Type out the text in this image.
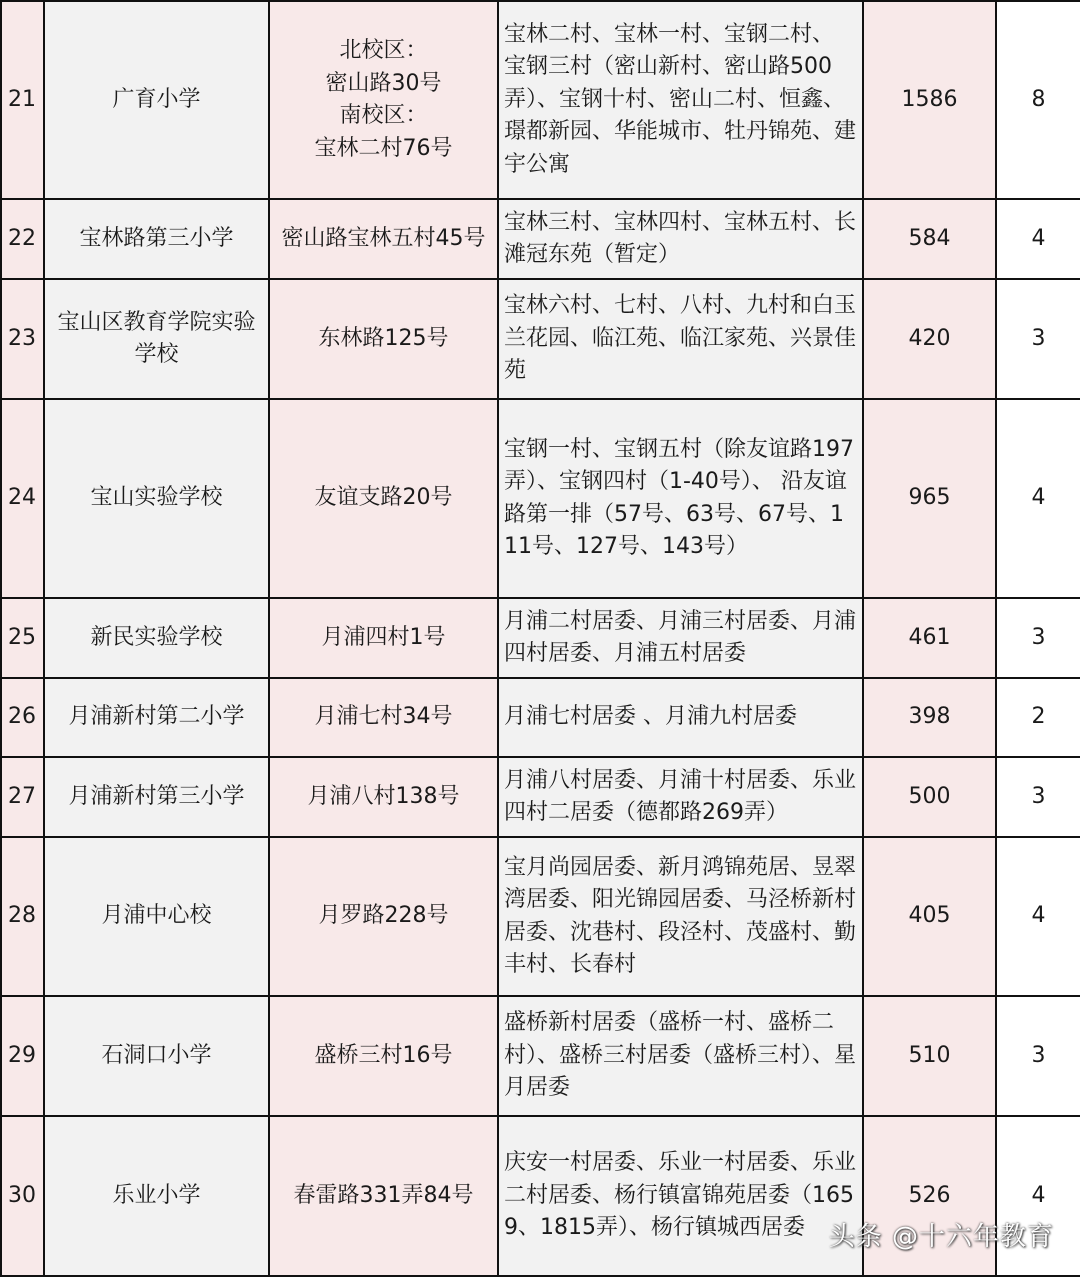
21	广育小学	北校区：
密山路30号
南校区：
宝林二村76号	宝林二村、宝林一村、宝钢二村、 宝钢三村（密山新村、密山路500弄）、宝钢十村、密山二村、恒鑫、璟都新园、华能城市、牡丹锦苑、建宇公寓	1586	8
22	宝林路第三小学	密山路宝林五村45号	宝林三村、宝林四村、宝林五村、长滩冠东苑（暂定）	584	4
23	宝山区教育学院实验学校	东林路125号	宝林六村、七村、八村、九村和白玉兰花园、临江苑、临江家苑、兴景佳苑	420	3
24	宝山实验学校	友谊支路20号	宝钢一村、宝钢五村（除友谊路197弄）、宝钢四村（1-40号）、 沿友谊路第一排（57号、63号、67号、111号、127号、143号）	965	4
25	新民实验学校	月浦四村1号	月浦二村居委、月浦三村居委、月浦四村居委、月浦五村居委	461	3
26	月浦新村第二小学	月浦七村34号	月浦七村居委 、月浦九村居委	398	2
27	月浦新村第三小学	月浦八村138号	月浦八村居委、月浦十村居委、乐业四村二居委（德都路269弄）	500	3
28	月浦中心校	月罗路228号	宝月尚园居委、新月鸿锦苑居、昱翠湾居委、阳光锦园居委、马泾桥新村居委、沈巷村、段泾村、茂盛村、勤丰村、长春村	405	4
29	石洞口小学	盛桥三村16号	盛桥新村居委（盛桥一村、盛桥二村）、盛桥三村居委（盛桥三村）、星月居委	510	3
30	乐业小学	春雷路331弄84号	庆安一村居委、乐业一村居委、乐业二村居委、杨行镇富锦苑居委（1659、1815弄）、杨行镇城西居委	526	4
头条 @十六年教育
